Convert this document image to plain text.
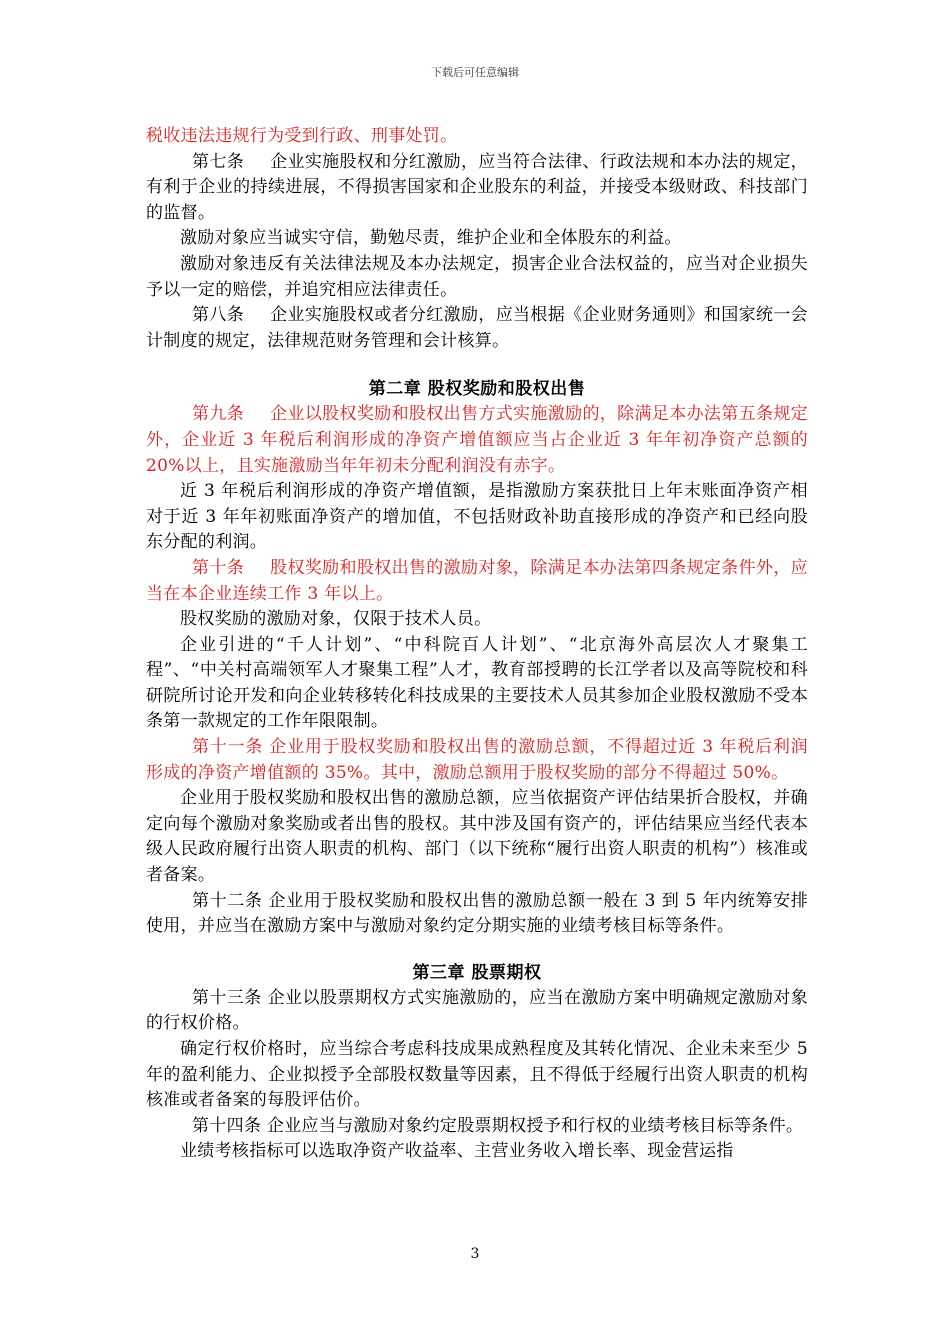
下载后可任意编辑

税收违法违规行为受到行政、刑事处罚。

第七条 企业实施股权和分红激励，应当符合法律、行政法规和本办法的规定，有利于企业的持续进展，不得损害国家和企业股东的利益，并接受本级财政、科技部门的监督。

激励对象应当诚实守信，勤勉尽责，维护企业和全体股东的利益。

激励对象违反有关法律法规及本办法规定，损害企业合法权益的，应当对企业损失予以一定的赔偿，并追究相应法律责任。

第八条 企业实施股权或者分红激励，应当根据《企业财务通则》和国家统一会计制度的规定，法律规范财务管理和会计核算。

第二章 股权奖励和股权出售

第九条 企业以股权奖励和股权出售方式实施激励的，除满足本办法第五条规定外，企业近 3 年税后利润形成的净资产增值额应当占企业近 3 年年初净资产总额的 20%以上，且实施激励当年年初未分配利润没有赤字。

近 3 年税后利润形成的净资产增值额，是指激励方案获批日上年末账面净资产相对于近 3 年年初账面净资产的增加值，不包括财政补助直接形成的净资产和已经向股东分配的利润。

第十条 股权奖励和股权出售的激励对象，除满足本办法第四条规定条件外，应当在本企业连续工作 3 年以上。

股权奖励的激励对象，仅限于技术人员。

企业引进的“千人计划”、“中科院百人计划”、“北京海外高层次人才聚集工程”、“中关村高端领军人才聚集工程”人才，教育部授聘的长江学者以及高等院校和科研院所讨论开发和向企业转移转化科技成果的主要技术人员其参加企业股权激励不受本条第一款规定的工作年限限制。

第十一条 企业用于股权奖励和股权出售的激励总额，不得超过近 3 年税后利润形成的净资产增值额的 35%。其中，激励总额用于股权奖励的部分不得超过 50%。

企业用于股权奖励和股权出售的激励总额，应当依据资产评估结果折合股权，并确定向每个激励对象奖励或者出售的股权。其中涉及国有资产的，评估结果应当经代表本级人民政府履行出资人职责的机构、部门（以下统称“履行出资人职责的机构”）核准或者备案。

第十二条 企业用于股权奖励和股权出售的激励总额一般在 3 到 5 年内统筹安排使用，并应当在激励方案中与激励对象约定分期实施的业绩考核目标等条件。

第三章 股票期权

第十三条 企业以股票期权方式实施激励的，应当在激励方案中明确规定激励对象的行权价格。

确定行权价格时，应当综合考虑科技成果成熟程度及其转化情况、企业未来至少 5 年的盈利能力、企业拟授予全部股权数量等因素，且不得低于经履行出资人职责的机构核准或者备案的每股评估价。

第十四条 企业应当与激励对象约定股票期权授予和行权的业绩考核目标等条件。

业绩考核指标可以选取净资产收益率、主营业务收入增长率、现金营运指

3
